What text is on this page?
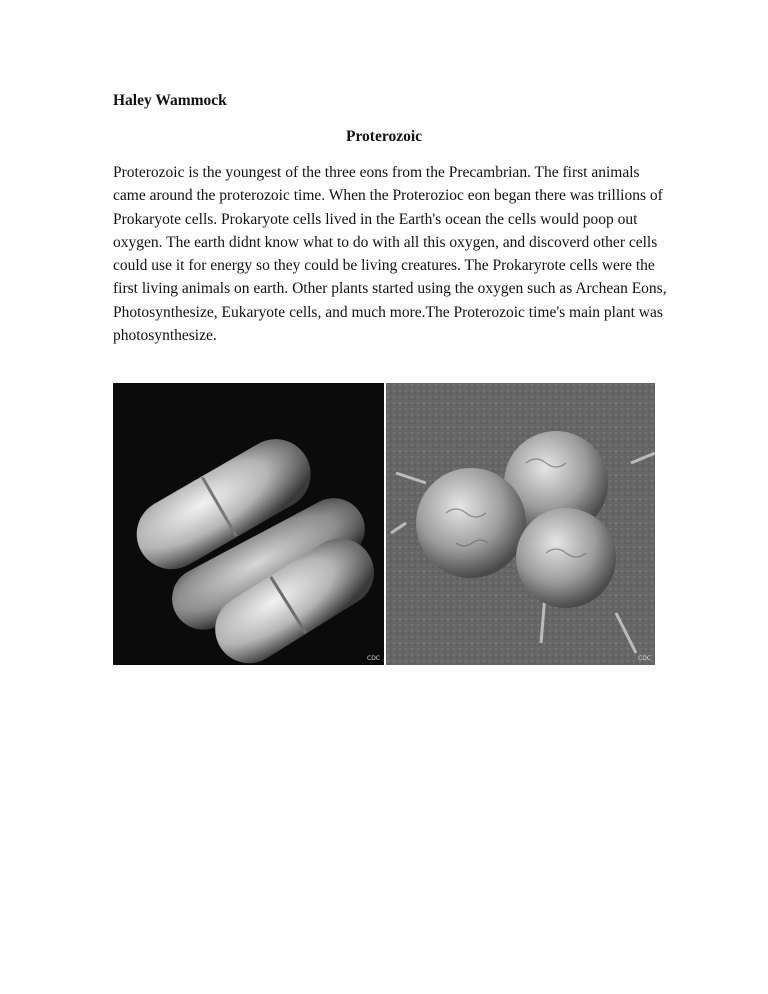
Haley Wammock
Proterozoic

Proterozoic is the youngest of the three eons from the Precambrian. The first animals came around the proterozoic time. When the Proterozioc eon began there was trillions of Prokaryote cells. Prokaryote cells lived in the Earth's ocean the cells would poop out oxygen. The earth didnt know what to do with all this oxygen, and discoverd other cells could use it for energy so they could be living creatures. The Prokaryrote cells were the first living animals on earth. Other plants started using the oxygen such as Archean Eons, Photosynthesize, Eukaryote cells, and much more.The Proterozoic time's main plant was photosynthesize.

CDC	CDC
